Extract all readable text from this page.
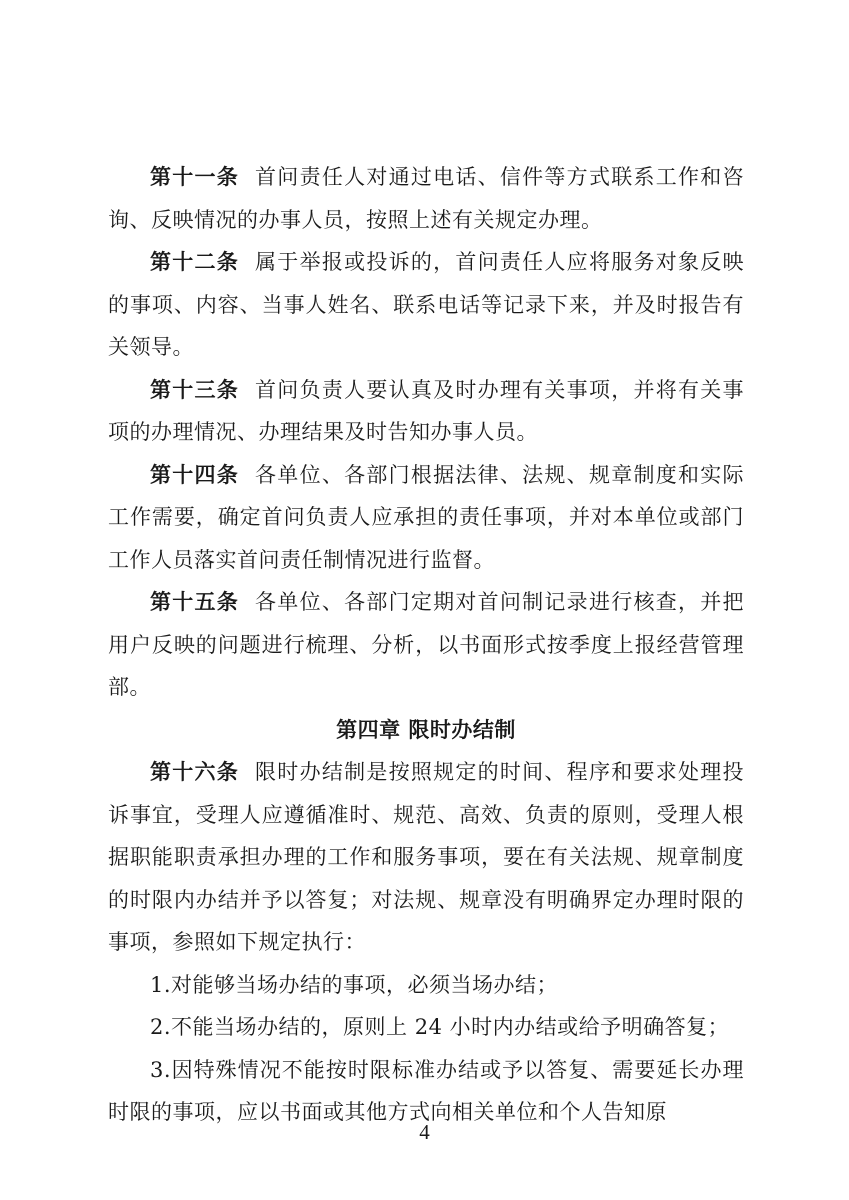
第十一条 首问责任人对通过电话、信件等方式联系工作和咨询、反映情况的办事人员，按照上述有关规定办理。

第十二条 属于举报或投诉的，首问责任人应将服务对象反映的事项、内容、当事人姓名、联系电话等记录下来，并及时报告有关领导。

第十三条 首问负责人要认真及时办理有关事项，并将有关事项的办理情况、办理结果及时告知办事人员。

第十四条 各单位、各部门根据法律、法规、规章制度和实际工作需要，确定首问负责人应承担的责任事项，并对本单位或部门工作人员落实首问责任制情况进行监督。

第十五条 各单位、各部门定期对首问制记录进行核查，并把用户反映的问题进行梳理、分析，以书面形式按季度上报经营管理部。

第四章 限时办结制

第十六条 限时办结制是按照规定的时间、程序和要求处理投诉事宜，受理人应遵循准时、规范、高效、负责的原则，受理人根据职能职责承担办理的工作和服务事项，要在有关法规、规章制度的时限内办结并予以答复；对法规、规章没有明确界定办理时限的事项，参照如下规定执行：

1.对能够当场办结的事项，必须当场办结；

2.不能当场办结的，原则上 24 小时内办结或给予明确答复；

3.因特殊情况不能按时限标准办结或予以答复、需要延长办理时限的事项，应以书面或其他方式向相关单位和个人告知原

4
